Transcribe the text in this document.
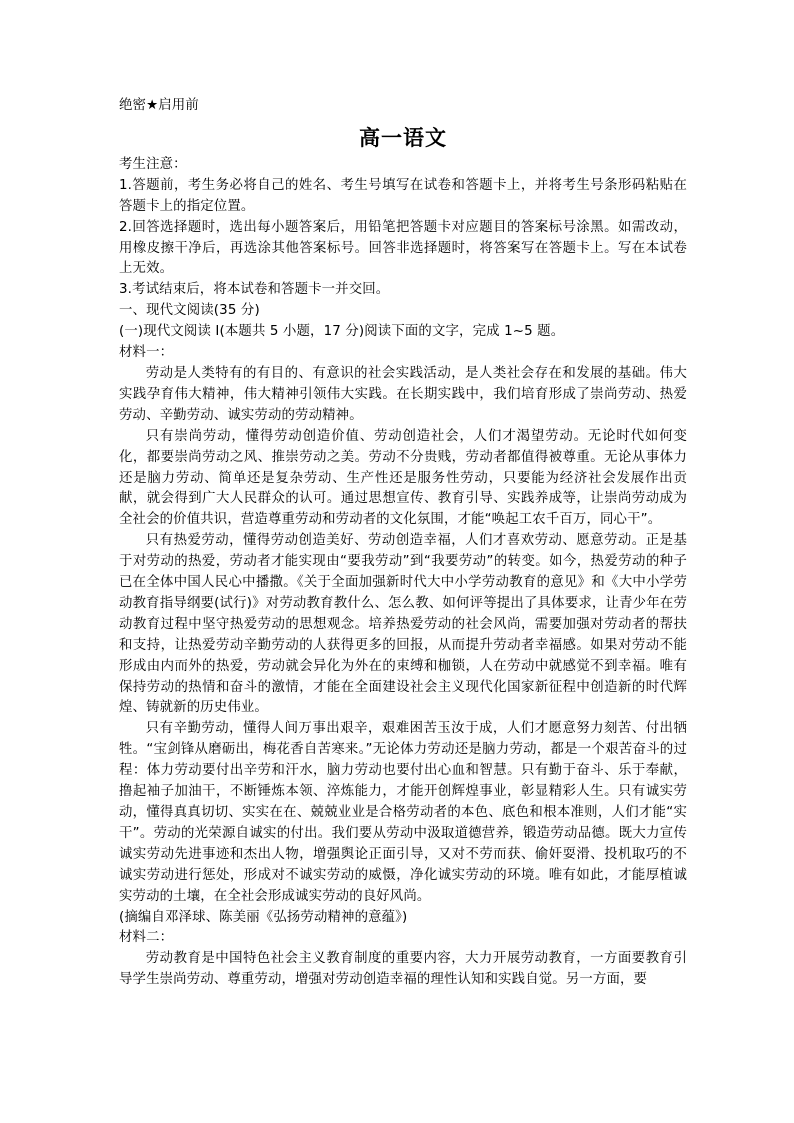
绝密★启用前
高一语文
考生注意：

1.答题前，考生务必将自己的姓名、考生号填写在试卷和答题卡上，并将考生号条形码粘贴在答题卡上的指定位置。

2.回答选择题时，选出每小题答案后，用铅笔把答题卡对应题目的答案标号涂黑。如需改动，用橡皮擦干净后，再选涂其他答案标号。回答非选择题时，将答案写在答题卡上。写在本试卷上无效。

3.考试结束后，将本试卷和答题卡一并交回。

一、现代文阅读(35 分)
(一)现代文阅读 I(本题共 5 小题，17 分)阅读下面的文字，完成 1~5 题。
材料一：

劳动是人类特有的有目的、有意识的社会实践活动，是人类社会存在和发展的基础。伟大实践孕育伟大精神，伟大精神引领伟大实践。在长期实践中，我们培育形成了崇尚劳动、热爱劳动、辛勤劳动、诚实劳动的劳动精神。

只有崇尚劳动，懂得劳动创造价值、劳动创造社会，人们才渴望劳动。无论时代如何变化，都要崇尚劳动之风、推崇劳动之美。劳动不分贵贱，劳动者都值得被尊重。无论从事体力还是脑力劳动、简单还是复杂劳动、生产性还是服务性劳动，只要能为经济社会发展作出贡献，就会得到广大人民群众的认可。通过思想宣传、教育引导、实践养成等，让崇尚劳动成为全社会的价值共识，营造尊重劳动和劳动者的文化氛围，才能“唤起工农千百万，同心干”。

只有热爱劳动，懂得劳动创造美好、劳动创造幸福，人们才喜欢劳动、愿意劳动。正是基于对劳动的热爱，劳动者才能实现由“要我劳动”到“我要劳动”的转变。如今，热爱劳动的种子已在全体中国人民心中播撒。《关于全面加强新时代大中小学劳动教育的意见》和《大中小学劳动教育指导纲要(试行)》对劳动教育教什么、怎么教、如何评等提出了具体要求，让青少年在劳动教育过程中坚守热爱劳动的思想观念。培养热爱劳动的社会风尚，需要加强对劳动者的帮扶和支持，让热爱劳动辛勤劳动的人获得更多的回报，从而提升劳动者幸福感。如果对劳动不能形成由内而外的热爱，劳动就会异化为外在的束缚和枷锁，人在劳动中就感觉不到幸福。唯有保持劳动的热情和奋斗的激情，才能在全面建设社会主义现代化国家新征程中创造新的时代辉煌、铸就新的历史伟业。

只有辛勤劳动，懂得人间万事出艰辛，艰难困苦玉汝于成，人们才愿意努力刻苦、付出牺牲。“宝剑锋从磨砺出，梅花香自苦寒来。”无论体力劳动还是脑力劳动，都是一个艰苦奋斗的过程：体力劳动要付出辛劳和汗水，脑力劳动也要付出心血和智慧。只有勤于奋斗、乐于奉献，撸起袖子加油干，不断锤炼本领、淬炼能力，才能开创辉煌事业，彰显精彩人生。只有诚实劳动，懂得真真切切、实实在在、兢兢业业是合格劳动者的本色、底色和根本准则，人们才能“实干”。劳动的光荣源自诚实的付出。我们要从劳动中汲取道德营养，锻造劳动品德。既大力宣传诚实劳动先进事迹和杰出人物，增强舆论正面引导，又对不劳而获、偷奸耍滑、投机取巧的不诚实劳动进行惩处，形成对不诚实劳动的威慑，净化诚实劳动的环境。唯有如此，才能厚植诚实劳动的土壤，在全社会形成诚实劳动的良好风尚。

(摘编自邓泽球、陈美丽《弘扬劳动精神的意蕴》)
材料二：

劳动教育是中国特色社会主义教育制度的重要内容，大力开展劳动教育，一方面要教育引导学生崇尚劳动、尊重劳动，增强对劳动创造幸福的理性认知和实践自觉。另一方面，要
